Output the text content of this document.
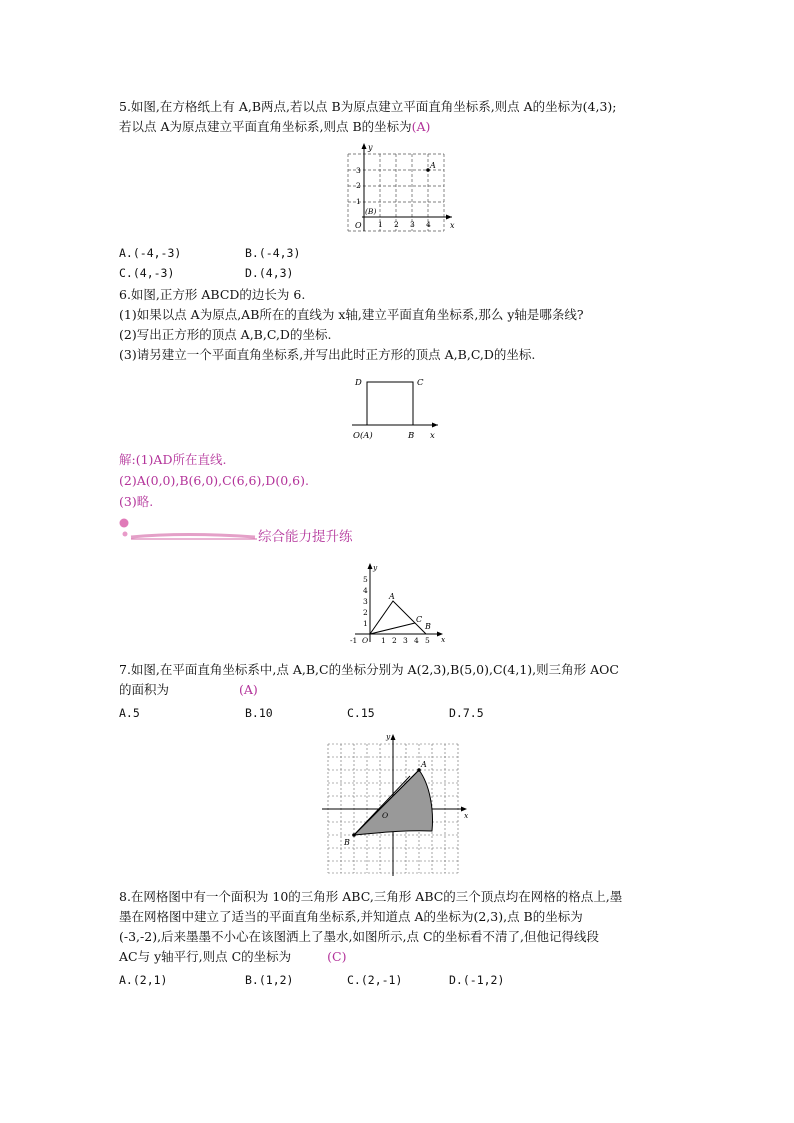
5.如图,在方格纸上有 A,B两点,若以点 B为原点建立平面直角坐标系,则点 A的坐标为(4,3);
若以点 A为原点建立平面直角坐标系,则点 B的坐标为(A)
y
x
O
(B)
A
1 2 3 4
1
2
3
A.(-4,-3)	B.(-4,3)
C.(4,-3)	D.(4,3)
6.如图,正方形 ABCD的边长为 6.
(1)如果以点 A为原点,AB所在的直线为 x轴,建立平面直角坐标系,那么 y轴是哪条线?
(2)写出正方形的顶点 A,B,C,D的坐标.
(3)请另建立一个平面直角坐标系,并写出此时正方形的顶点 A,B,C,D的坐标.
D	C
O(A)	B x
解:(1)AD所在直线.
(2)A(0,0),B(6,0),C(6,6),D(0,6).
(3)略.
综合能力提升练
y
x
5
4
3
2
1
-1 O 1 2 3 4 5
A
C
B
7.如图,在平面直角坐标系中,点 A,B,C的坐标分别为 A(2,3),B(5,0),C(4,1),则三角形 AOC
的面积为	(A)
A.5	B.10	C.15	D.7.5
y
x
A
B
O
8.在网格图中有一个面积为 10的三角形 ABC,三角形 ABC的三个顶点均在网格的格点上,墨
墨在网格图中建立了适当的平面直角坐标系,并知道点 A的坐标为(2,3),点 B的坐标为
(-3,-2),后来墨墨不小心在该图洒上了墨水,如图所示,点 C的坐标看不清了,但他记得线段
AC与 y轴平行,则点 C的坐标为	(C)
A.(2,1)	B.(1,2)	C.(2,-1)	D.(-1,2)
